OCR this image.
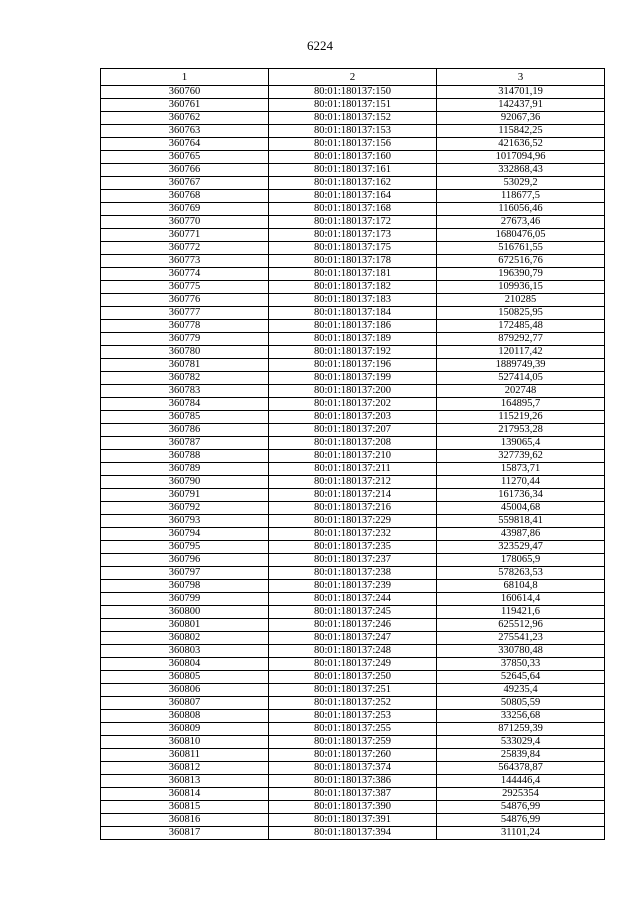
6224
1	2	3
360760	80:01:180137:150	314701,19
360761	80:01:180137:151	142437,91
360762	80:01:180137:152	92067,36
360763	80:01:180137:153	115842,25
360764	80:01:180137:156	421636,52
360765	80:01:180137:160	1017094,96
360766	80:01:180137:161	332868,43
360767	80:01:180137:162	53029,2
360768	80:01:180137:164	118677,5
360769	80:01:180137:168	116056,46
360770	80:01:180137:172	27673,46
360771	80:01:180137:173	1680476,05
360772	80:01:180137:175	516761,55
360773	80:01:180137:178	672516,76
360774	80:01:180137:181	196390,79
360775	80:01:180137:182	109936,15
360776	80:01:180137:183	210285
360777	80:01:180137:184	150825,95
360778	80:01:180137:186	172485,48
360779	80:01:180137:189	879292,77
360780	80:01:180137:192	120117,42
360781	80:01:180137:196	1889749,39
360782	80:01:180137:199	527414,05
360783	80:01:180137:200	202748
360784	80:01:180137:202	164895,7
360785	80:01:180137:203	115219,26
360786	80:01:180137:207	217953,28
360787	80:01:180137:208	139065,4
360788	80:01:180137:210	327739,62
360789	80:01:180137:211	15873,71
360790	80:01:180137:212	11270,44
360791	80:01:180137:214	161736,34
360792	80:01:180137:216	45004,68
360793	80:01:180137:229	559818,41
360794	80:01:180137:232	43987,86
360795	80:01:180137:235	323529,47
360796	80:01:180137:237	178065,9
360797	80:01:180137:238	578263,53
360798	80:01:180137:239	68104,8
360799	80:01:180137:244	160614,4
360800	80:01:180137:245	119421,6
360801	80:01:180137:246	625512,96
360802	80:01:180137:247	275541,23
360803	80:01:180137:248	330780,48
360804	80:01:180137:249	37850,33
360805	80:01:180137:250	52645,64
360806	80:01:180137:251	49235,4
360807	80:01:180137:252	50805,59
360808	80:01:180137:253	33256,68
360809	80:01:180137:255	871259,39
360810	80:01:180137:259	533029,4
360811	80:01:180137:260	25839,84
360812	80:01:180137:374	564378,87
360813	80:01:180137:386	144446,4
360814	80:01:180137:387	2925354
360815	80:01:180137:390	54876,99
360816	80:01:180137:391	54876,99
360817	80:01:180137:394	31101,24
